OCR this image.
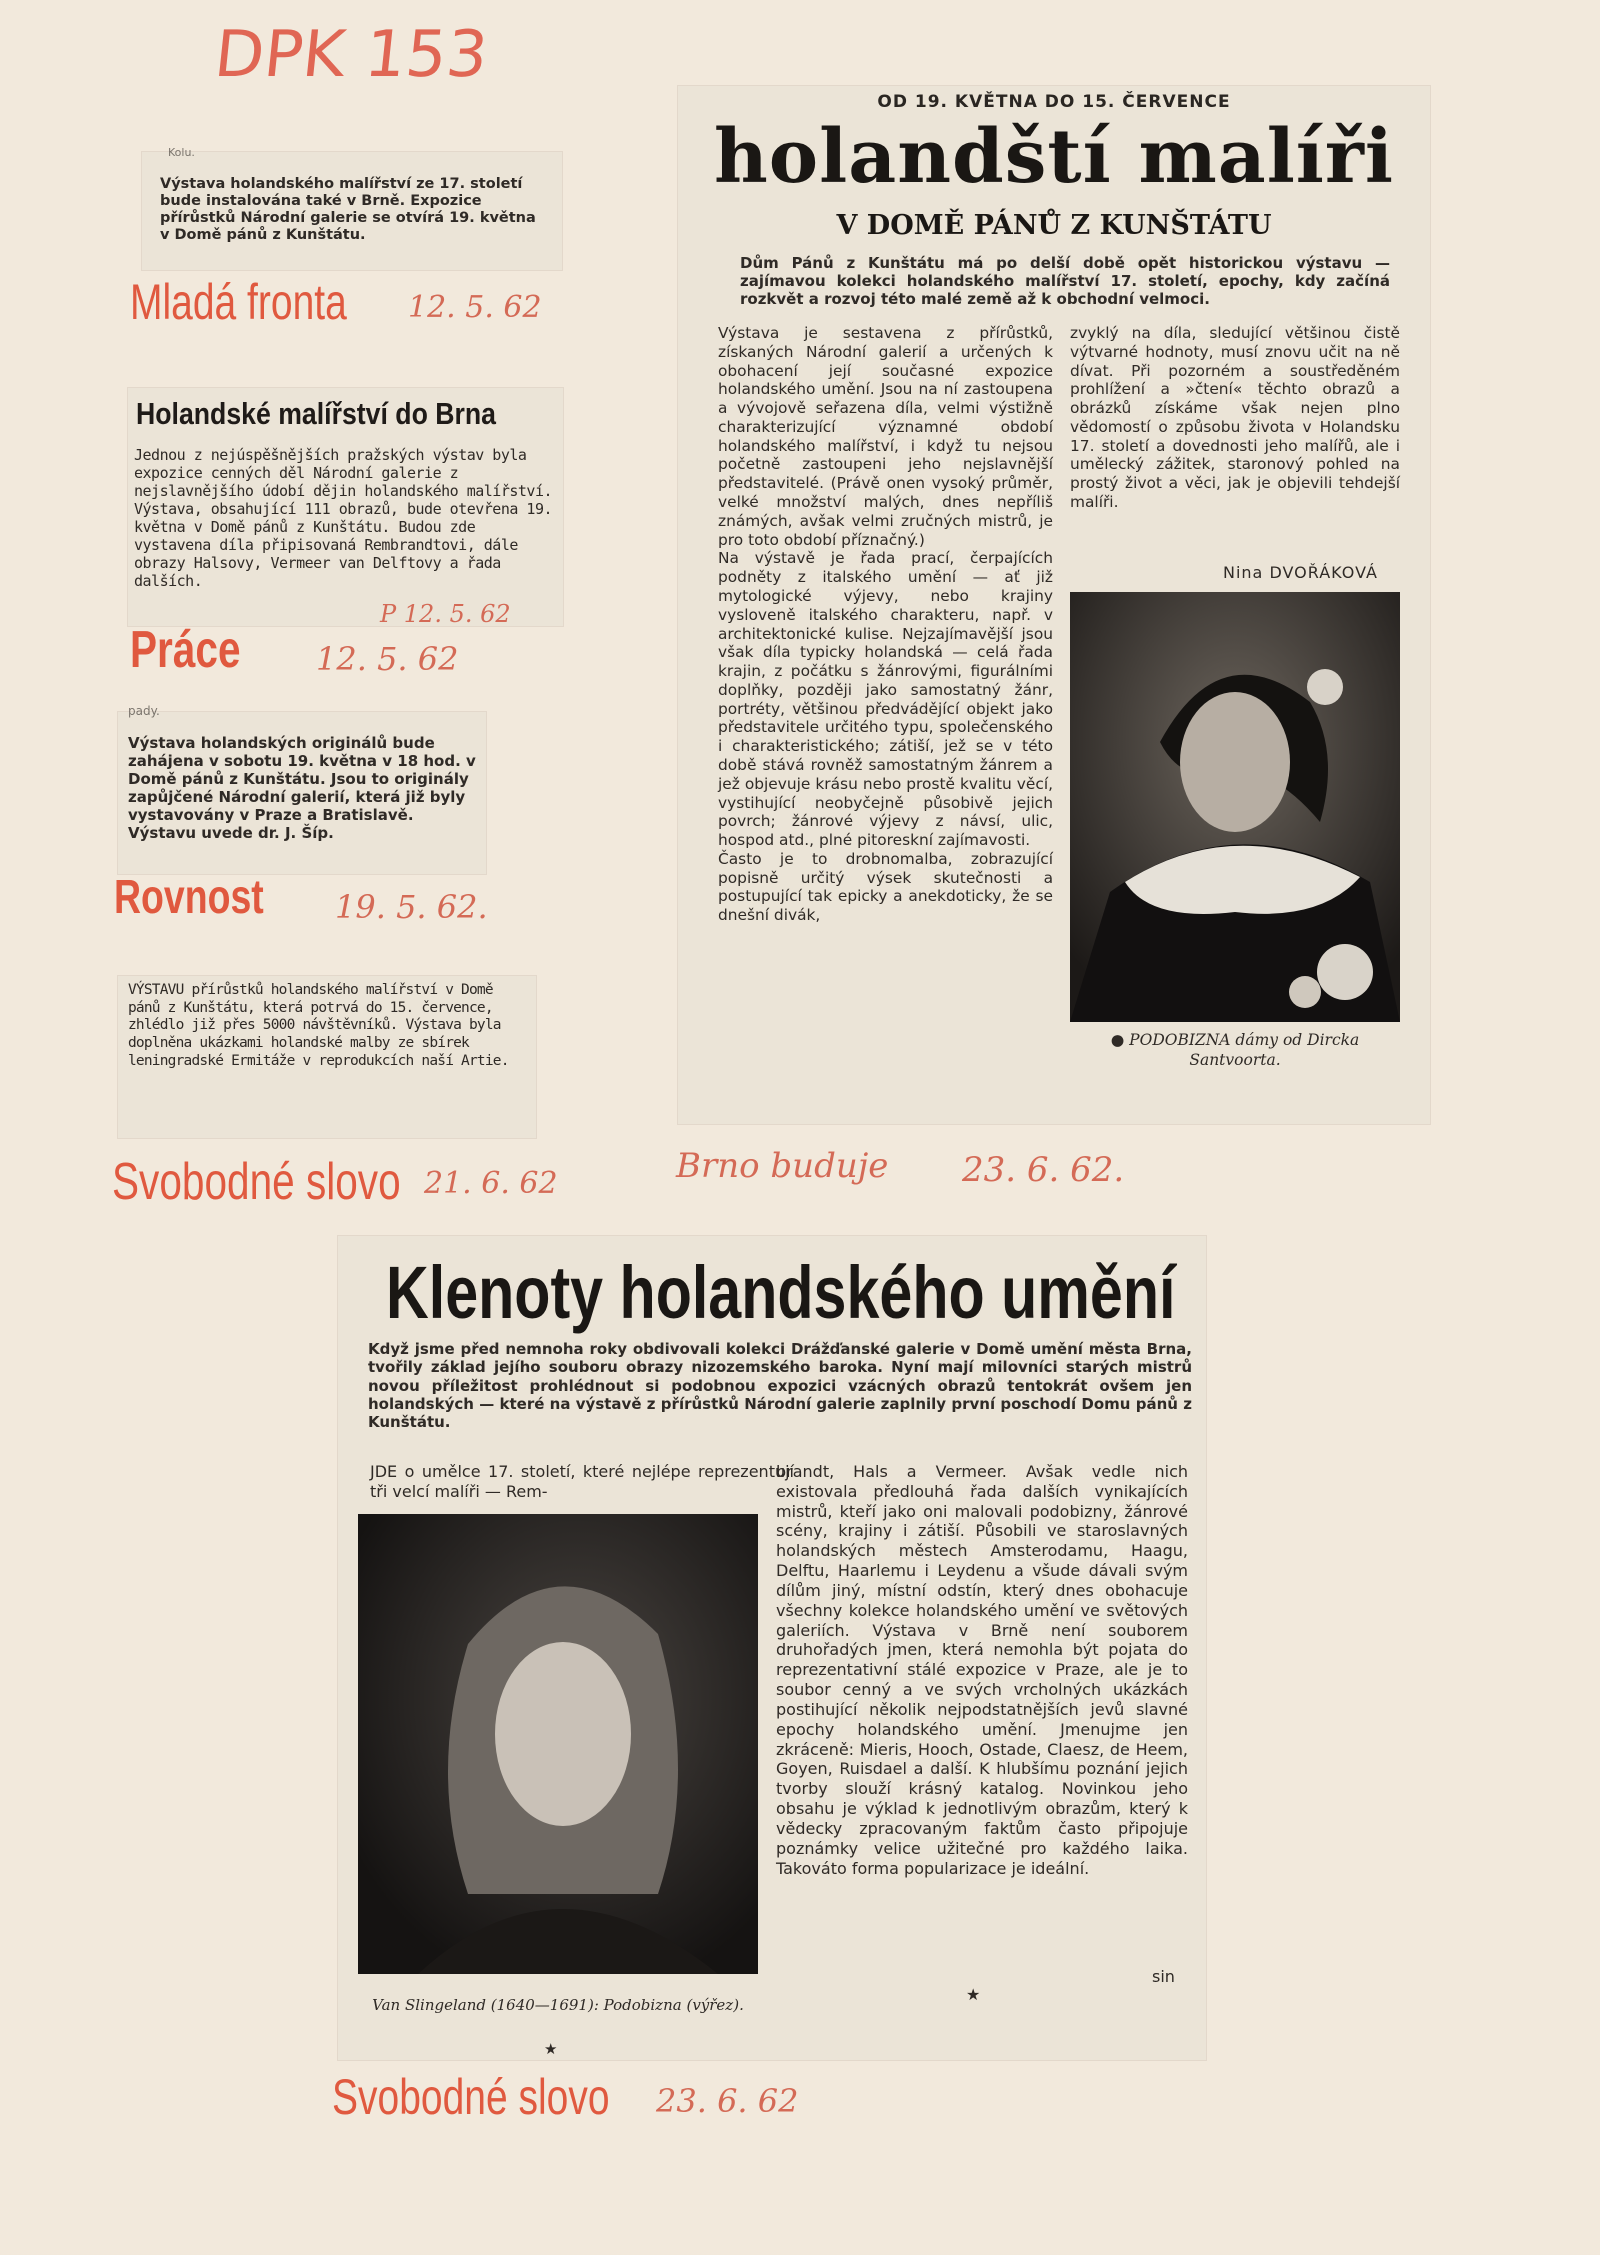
DPK 153
Kolu.
Výstava holandského malířství ze 17. století bude instalována také v Brně. Expozice přírůstků Národní galerie se otvírá 19. května v Domě pánů z Kunštátu.
Mladá fronta 12. 5. 62
Holandské malířství do Brna
Jednou z nejúspěšnějších pražských výstav byla expozice cenných děl Národní galerie z nejslavnějšího údobí dějin holandského malířství. Výstava, obsahující 111 obrazů, bude otevřena 19. května v Domě pánů z Kunštátu. Budou zde vystavena díla připisovaná Rembrandtovi, dále obrazy Halsovy, Vermeer van Delftovy a řada dalších.
P 12. 5. 62
Práce 12. 5. 62
pady.
Výstava holandských originálů bude zahájena v sobotu 19. května v 18 hod. v Domě pánů z Kunštátu. Jsou to originály zapůjčené Národní galerií, která již byly vystavovány v Praze a Bratislavě. Výstavu uvede dr. J. Šíp.
Rovnost 19. 5. 62.
VÝSTAVU přírůstků holandského malířství v Domě pánů z Kunštátu, která potrvá do 15. července, zhlédlo již přes 5000 návštěvníků. Výstava byla doplněna ukázkami holandské malby ze sbírek leningradské Ermitáže v reprodukcích naší Artie.
Svobodné slovo 21. 6. 62
OD 19. KVĚTNA DO 15. ČERVENCE
holandští malíři
V DOMĚ PÁNŮ Z KUNŠTÁTU
Dům Pánů z Kunštátu má po delší době opět historickou výstavu — zajímavou kolekci holandského malířství 17. století, epochy, kdy začíná rozkvět a rozvoj této malé země až k obchodní velmoci.
Výstava je sestavena z přírůstků, získaných Národní galerií a určených k obohacení její současné expozice holandského umění. Jsou na ní zastoupena a vývojově seřazena díla, velmi výstižně charakterizující významné období holandského malířství, i když tu nejsou početně zastoupeni jeho nejslavnější představitelé. (Právě onen vysoký průměr, velké množství malých, dnes nepříliš známých, avšak velmi zručných mistrů, je pro toto období příznačný.)
Na výstavě je řada prací, čerpajících podněty z italského umění — ať již mytologické výjevy, nebo krajiny vysloveně italského charakteru, např. v architektonické kulise. Nejzajímavější jsou však díla typicky holandská — celá řada krajin, z počátku s žánrovými, figurálními doplňky, později jako samostatný žánr, portréty, většinou předvádějící objekt jako představitele určitého typu, společenského i charakteristického; zátiší, jež se v této době stává rovněž samostatným žánrem a jež objevuje krásu nebo prostě kvalitu věcí, vystihující neobyčejně působivě jejich povrch; žánrové výjevy z návsí, ulic, hospod atd., plné pitoreskní zajímavosti.
Často je to drobnomalba, zobrazující popisně určitý výsek skutečnosti a postupující tak epicky a anekdoticky, že se dnešní divák,
zvyklý na díla, sledující většinou čistě výtvarné hodnoty, musí znovu učit na ně dívat. Při pozorném a soustředěném prohlížení a »čtení« těchto obrazů a obrázků získáme však nejen plno vědomostí o způsobu života v Holandsku 17. století a dovednosti jeho malířů, ale i umělecký zážitek, staronový pohled na prostý život a věci, jak je objevili tehdejší malíři.
Nina DVOŘÁKOVÁ
● PODOBIZNA dámy od Dircka Santvoorta.
Brno buduje 23. 6. 62.
Klenoty holandského umění
Když jsme před nemnoha roky obdivovali kolekci Drážďanské galerie v Domě umění města Brna, tvořily základ jejího souboru obrazy nizozemského baroka. Nyní mají milovníci starých mistrů novou příležitost prohlédnout si podobnou expozici vzácných obrazů tentokrát ovšem jen holandských — které na výstavě z přírůstků Národní galerie zaplnily první poschodí Domu pánů z Kunštátu.
JDE o umělce 17. století, které nejlépe reprezentují tři velcí malíři — Rem-
brandt, Hals a Vermeer. Avšak vedle nich existovala předlouhá řada dalších vynikajících mistrů, kteří jako oni malovali podobizny, žánrové scény, krajiny i zátiší. Působili ve staroslavných holandských městech Amsterodamu, Haagu, Delftu, Haarlemu i Leydenu a všude dávali svým dílům jiný, místní odstín, který dnes obohacuje všechny kolekce holandského umění ve světových galeriích. Výstava v Brně není souborem druhořadých jmen, která nemohla být pojata do reprezentativní stálé expozice v Praze, ale je to soubor cenný a ve svých vrcholných ukázkách postihující několik nejpodstatnějších jevů slavné epochy holandského umění. Jmenujme jen zkráceně: Mieris, Hooch, Ostade, Claesz, de Heem, Goyen, Ruisdael a další. K hlubšímu poznání jejich tvorby slouží krásný katalog. Novinkou jeho obsahu je výklad k jednotlivým obrazům, který k vědecky zpracovaným faktům často připojuje poznámky velice užitečné pro každého laika. Takováto forma popularizace je ideální.
sin
★
Van Slingeland (1640—1691): Podobizna (výřez).
★
Svobodné slovo 23. 6. 62
